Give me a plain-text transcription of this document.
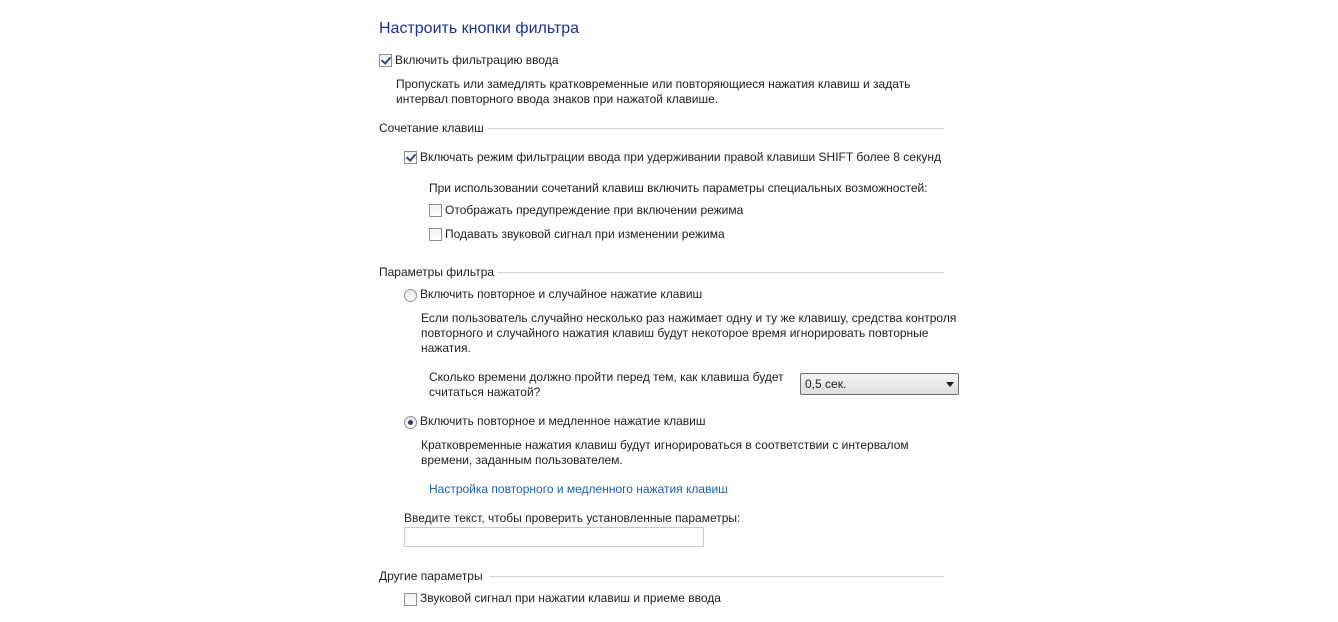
Настроить кнопки фильтра
Включить фильтрацию ввода
Пропускать или замедлять кратковременные или повторяющиеся нажатия клавиш и задать
интервал повторного ввода знаков при нажатой клавише.
Сочетание клавиш
Включать режим фильтрации ввода при удерживании правой клавиши SHIFT более 8 секунд
При использовании сочетаний клавиш включить параметры специальных возможностей:
Отображать предупреждение при включении режима
Подавать звуковой сигнал при изменении режима
Параметры фильтра
Включить повторное и случайное нажатие клавиш
Если пользователь случайно несколько раз нажимает одну и ту же клавишу, средства контроля
повторного и случайного нажатия клавиш будут некоторое время игнорировать повторные
нажатия.
Сколько времени должно пройти перед тем, как клавиша будет
считаться нажатой?
0,5 сек.
Включить повторное и медленное нажатие клавиш
Кратковременные нажатия клавиш будут игнорироваться в соответствии с интервалом
времени, заданным пользователем.
Настройка повторного и медленного нажатия клавиш
Введите текст, чтобы проверить установленные параметры:
Другие параметры
Звуковой сигнал при нажатии клавиш и приеме ввода
